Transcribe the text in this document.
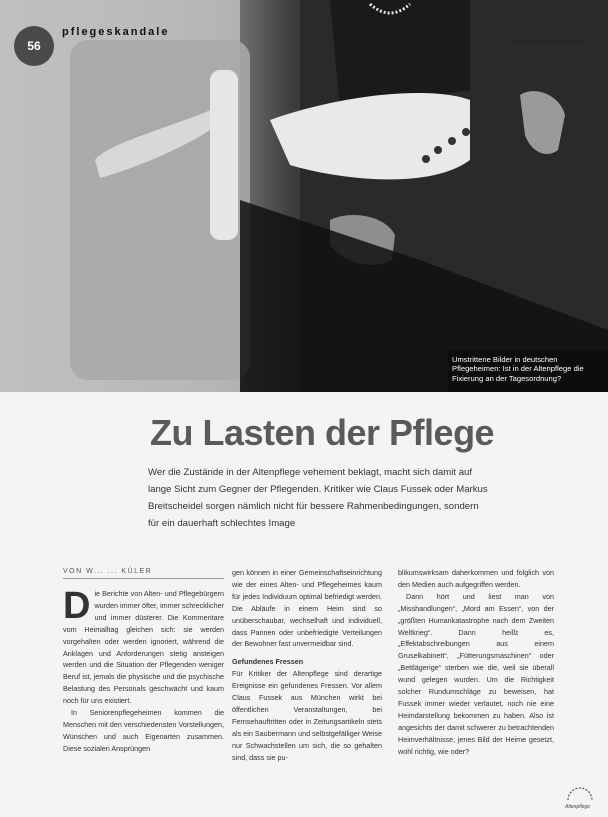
56
pflegeskandale
FOTO: WERNER KRÜPER
Umstrittene Bilder in deutschen Pflegeheimen: Ist in der Altenpflege die Fixierung an der Tagesordnung?
Zu Lasten der Pflege

Wer die Zustände in der Altenpflege vehement beklagt, macht sich damit auf lange Sicht zum Gegner der Pflegenden. Kritiker wie Claus Fussek oder Markus Breitscheidel sorgen nämlich nicht für bessere Rahmenbedingungen, sondern für ein dauerhaft schlechtes Image

VON W... ... KÜLER
D ie Berichte von Alten- und Pflegebürgern wurden immer öfter, immer schrecklicher und immer düsterer. Die Kommentare vom Heimalltag gleichen sich: sie werden vorgehalten oder werden ignoriert, während die Anklagen und Anforderungen stetig ansteigen werden und die Situation der Pflegenden weniger Beruf ist, jemals die physische und die psychische Belastung des Personals geschwächt und kaum noch für uns existiert.

In Seniorenpflegeheimen kommen die Menschen mit den verschiedensten Vorstellungen, Wünschen und auch Eigenarten zusammen. Diese sozialen Ansprüngen

gen können in einer Gemeinschaftseinrichtung wie der eines Alten- und Pflegeheimes kaum für jedes Individuum optimal befriedigt werden. Die Abläufe in einem Heim sind so unüberschaubar, wechselhaft und individuell, dass Pannen oder unbefriedigte Verteilungen der Bewohner fast unvermeidbar sind.

Gefundenes Fressen

Für Kritiker der Altenpflege sind derartige Ereignisse ein gefundenes Fressen. Vor allem Claus Fussek aus München wirkt bei öffentlichen Veranstaltungen, bei Fernsehauftritten oder in Zeitungsartikeln stets als ein Saubermann und selbstgefälliger Weise nur Schwachstellen um sich, die so gehalten sind, dass sie pu-

blikumswirksam daherkommen und folglich von den Medien auch aufgegriffen werden.

Dann hört und liest man von „Misshandlungen“, „Mord am Essen“, von der „größten Humankatastrophe nach dem Zweiten Weltkrieg“. Dann heißt es, „Effektabschreibungen aus einem Gruselkabinett“, „Fütterungsmaschinen“ oder „Bettlägerige“ sterben wie die, weil sie überall wund gelegen wurden. Um die Richtigkeit solcher Rundumschläge zu beweisen, hat Fussek immer wieder verlautet, noch nie eine Heimdarstellung bekommen zu haben. Also ist angesichts der damit schwerer zu betrachtenden Heimverhältnisse, jenes Bild der Heime gesetzt, wohl richtig, wie oder?

Altenpflege
